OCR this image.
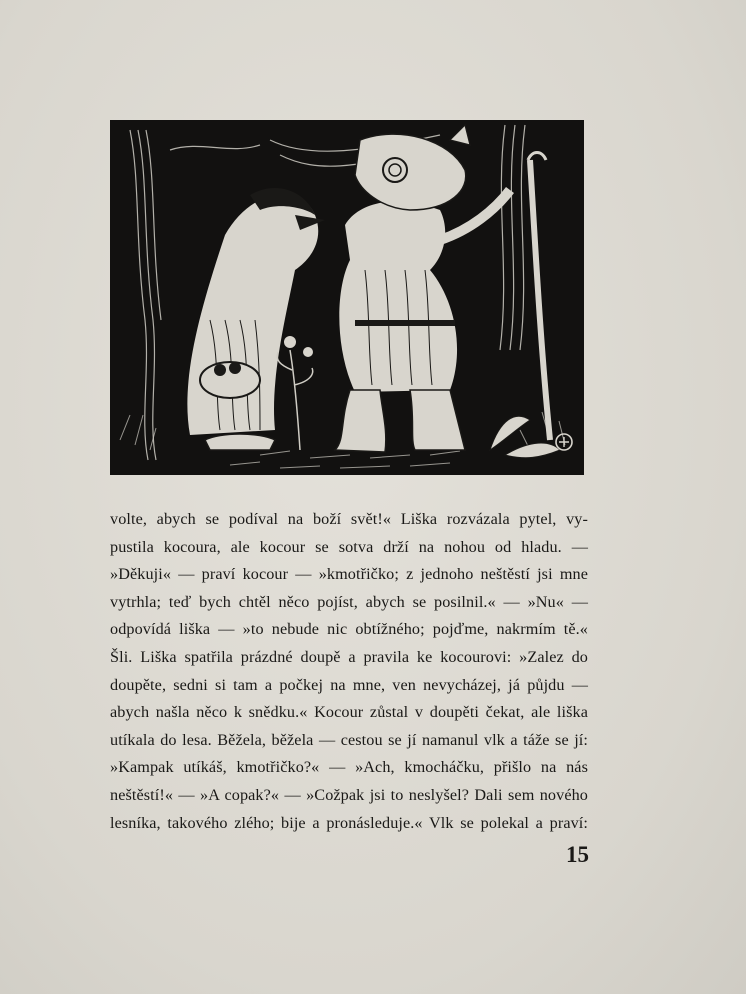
volte, abych se podíval na boží svět!« Liška rozvázala pytel, vy-
pustila kocoura, ale kocour se sotva drží na nohou od hladu. —
»Děkuji« — praví kocour — »kmotřičko; z jednoho neštěstí jsi mne
vytrhla; teď bych chtěl něco pojíst, abych se posilnil.« — »Nu« —
odpovídá liška — »to nebude nic obtížného; pojďme, nakrmím tě.«
Šli. Liška spatřila prázdné doupě a pravila ke kocourovi: »Zalez do
doupěte, sedni si tam a počkej na mne, ven nevycházej, já půjdu —
abych našla něco k snědku.« Kocour zůstal v doupěti čekat, ale liška
utíkala do lesa. Běžela, běžela — cestou se jí namanul vlk a táže se jí:
»Kampak utíkáš, kmotřičko?« — »Ach, kmocháčku, přišlo na nás
neštěstí!« — »A copak?« — »Cožpak jsi to neslyšel? Dali sem nového
lesníka, takového zlého; bije a pronásleduje.« Vlk se polekal a praví:
15
